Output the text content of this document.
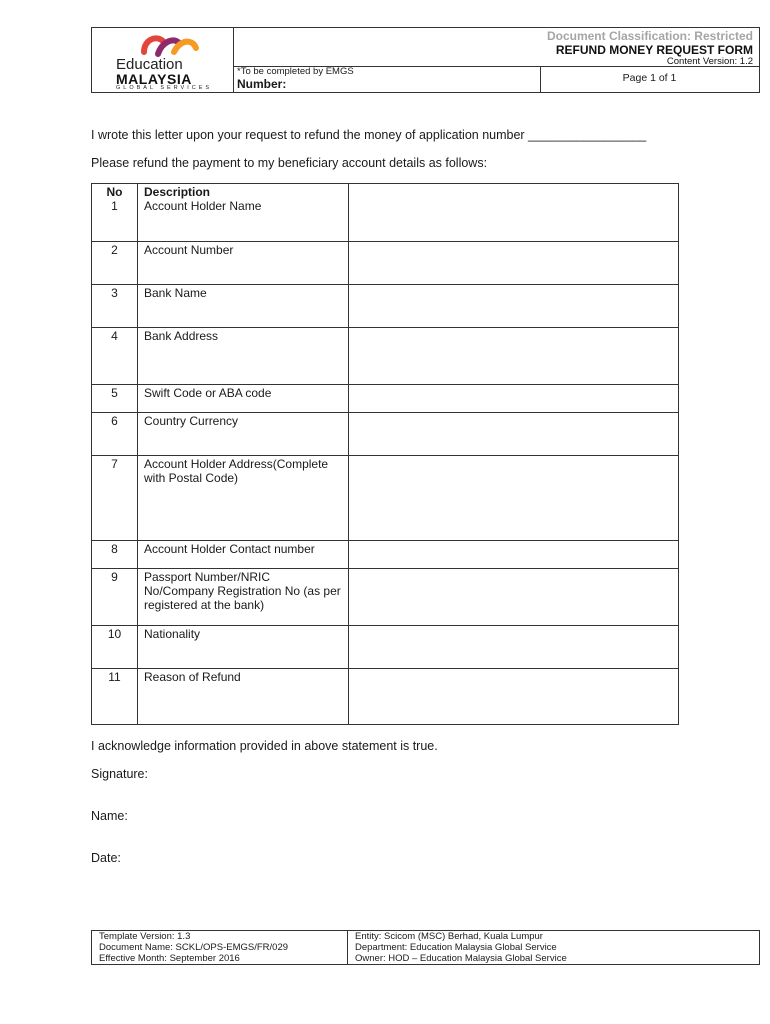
Education
MALAYSIA
GLOBAL SERVICES
Document Classification: Restricted
REFUND MONEY REQUEST FORM
Content Version: 1.2
*To be completed by EMGS
Number:	Page 1 of 1
I wrote this letter upon your request to refund the money of application number _________________
Please refund the payment to my beneficiary account details as follows:
No	Description	
1	Account Holder Name	
2	Account Number	
3	Bank Name	
4	Bank Address	
5	Swift Code or ABA code	
6	Country Currency	
7	Account Holder Address(Complete with Postal Code)	
8	Account Holder Contact number	
9	Passport Number/NRIC No/Company Registration No (as per registered at the bank)	
10	Nationality	
11	Reason of Refund	
I acknowledge information provided in above statement is true.
Signature:
Name:
Date:
Template Version: 1.3	Entity: Scicom (MSC) Berhad, Kuala Lumpur
Document Name: SCKL/OPS-EMGS/FR/029	Department: Education Malaysia Global Service
Effective Month: September 2016	Owner: HOD – Education Malaysia Global Service
